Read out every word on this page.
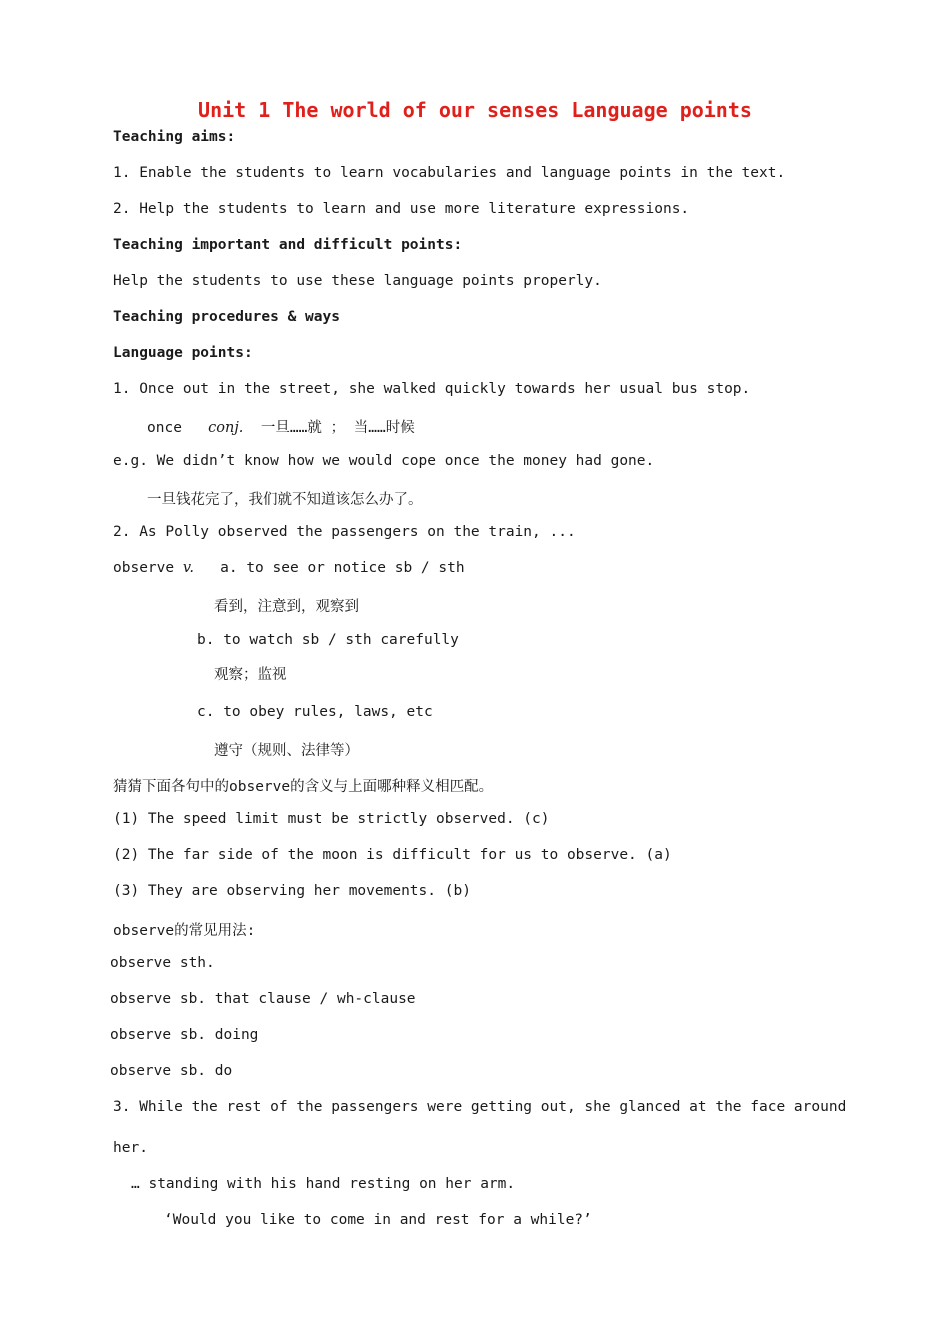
Unit 1 The world of our senses Language points
Teaching aims:
1. Enable the students to learn vocabularies and language points in the text.
2. Help the students to learn and use more literature expressions.
Teaching important and difficult points:
Help the students to use these language points properly.
Teaching procedures & ways
Language points:
1. Once out in the street, she walked quickly towards her usual bus stop.
once conj. 一旦……就 ； 当……时候
e.g. We didn’t know how we would cope once the money had gone.
一旦钱花完了，我们就不知道该怎么办了。
2. As Polly observed the passengers on the train, ...
observe v. a. to see or notice sb / sth
看到，注意到，观察到
b. to watch sb / sth carefully
观察；监视
c. to obey rules, laws, etc
遵守（规则、法律等）
猜猜下面各句中的observe的含义与上面哪种释义相匹配。
(1) The speed limit must be strictly observed. (c)
(2) The far side of the moon is difficult for us to observe. (a)
(3) They are observing her movements. (b)
observe的常见用法:
observe sth.
observe sb. that clause / wh-clause
observe sb. doing
observe sb. do
3. While the rest of the passengers were getting out, she glanced at the face around
her.
… standing with his hand resting on her arm.
‘Would you like to come in and rest for a while?’
